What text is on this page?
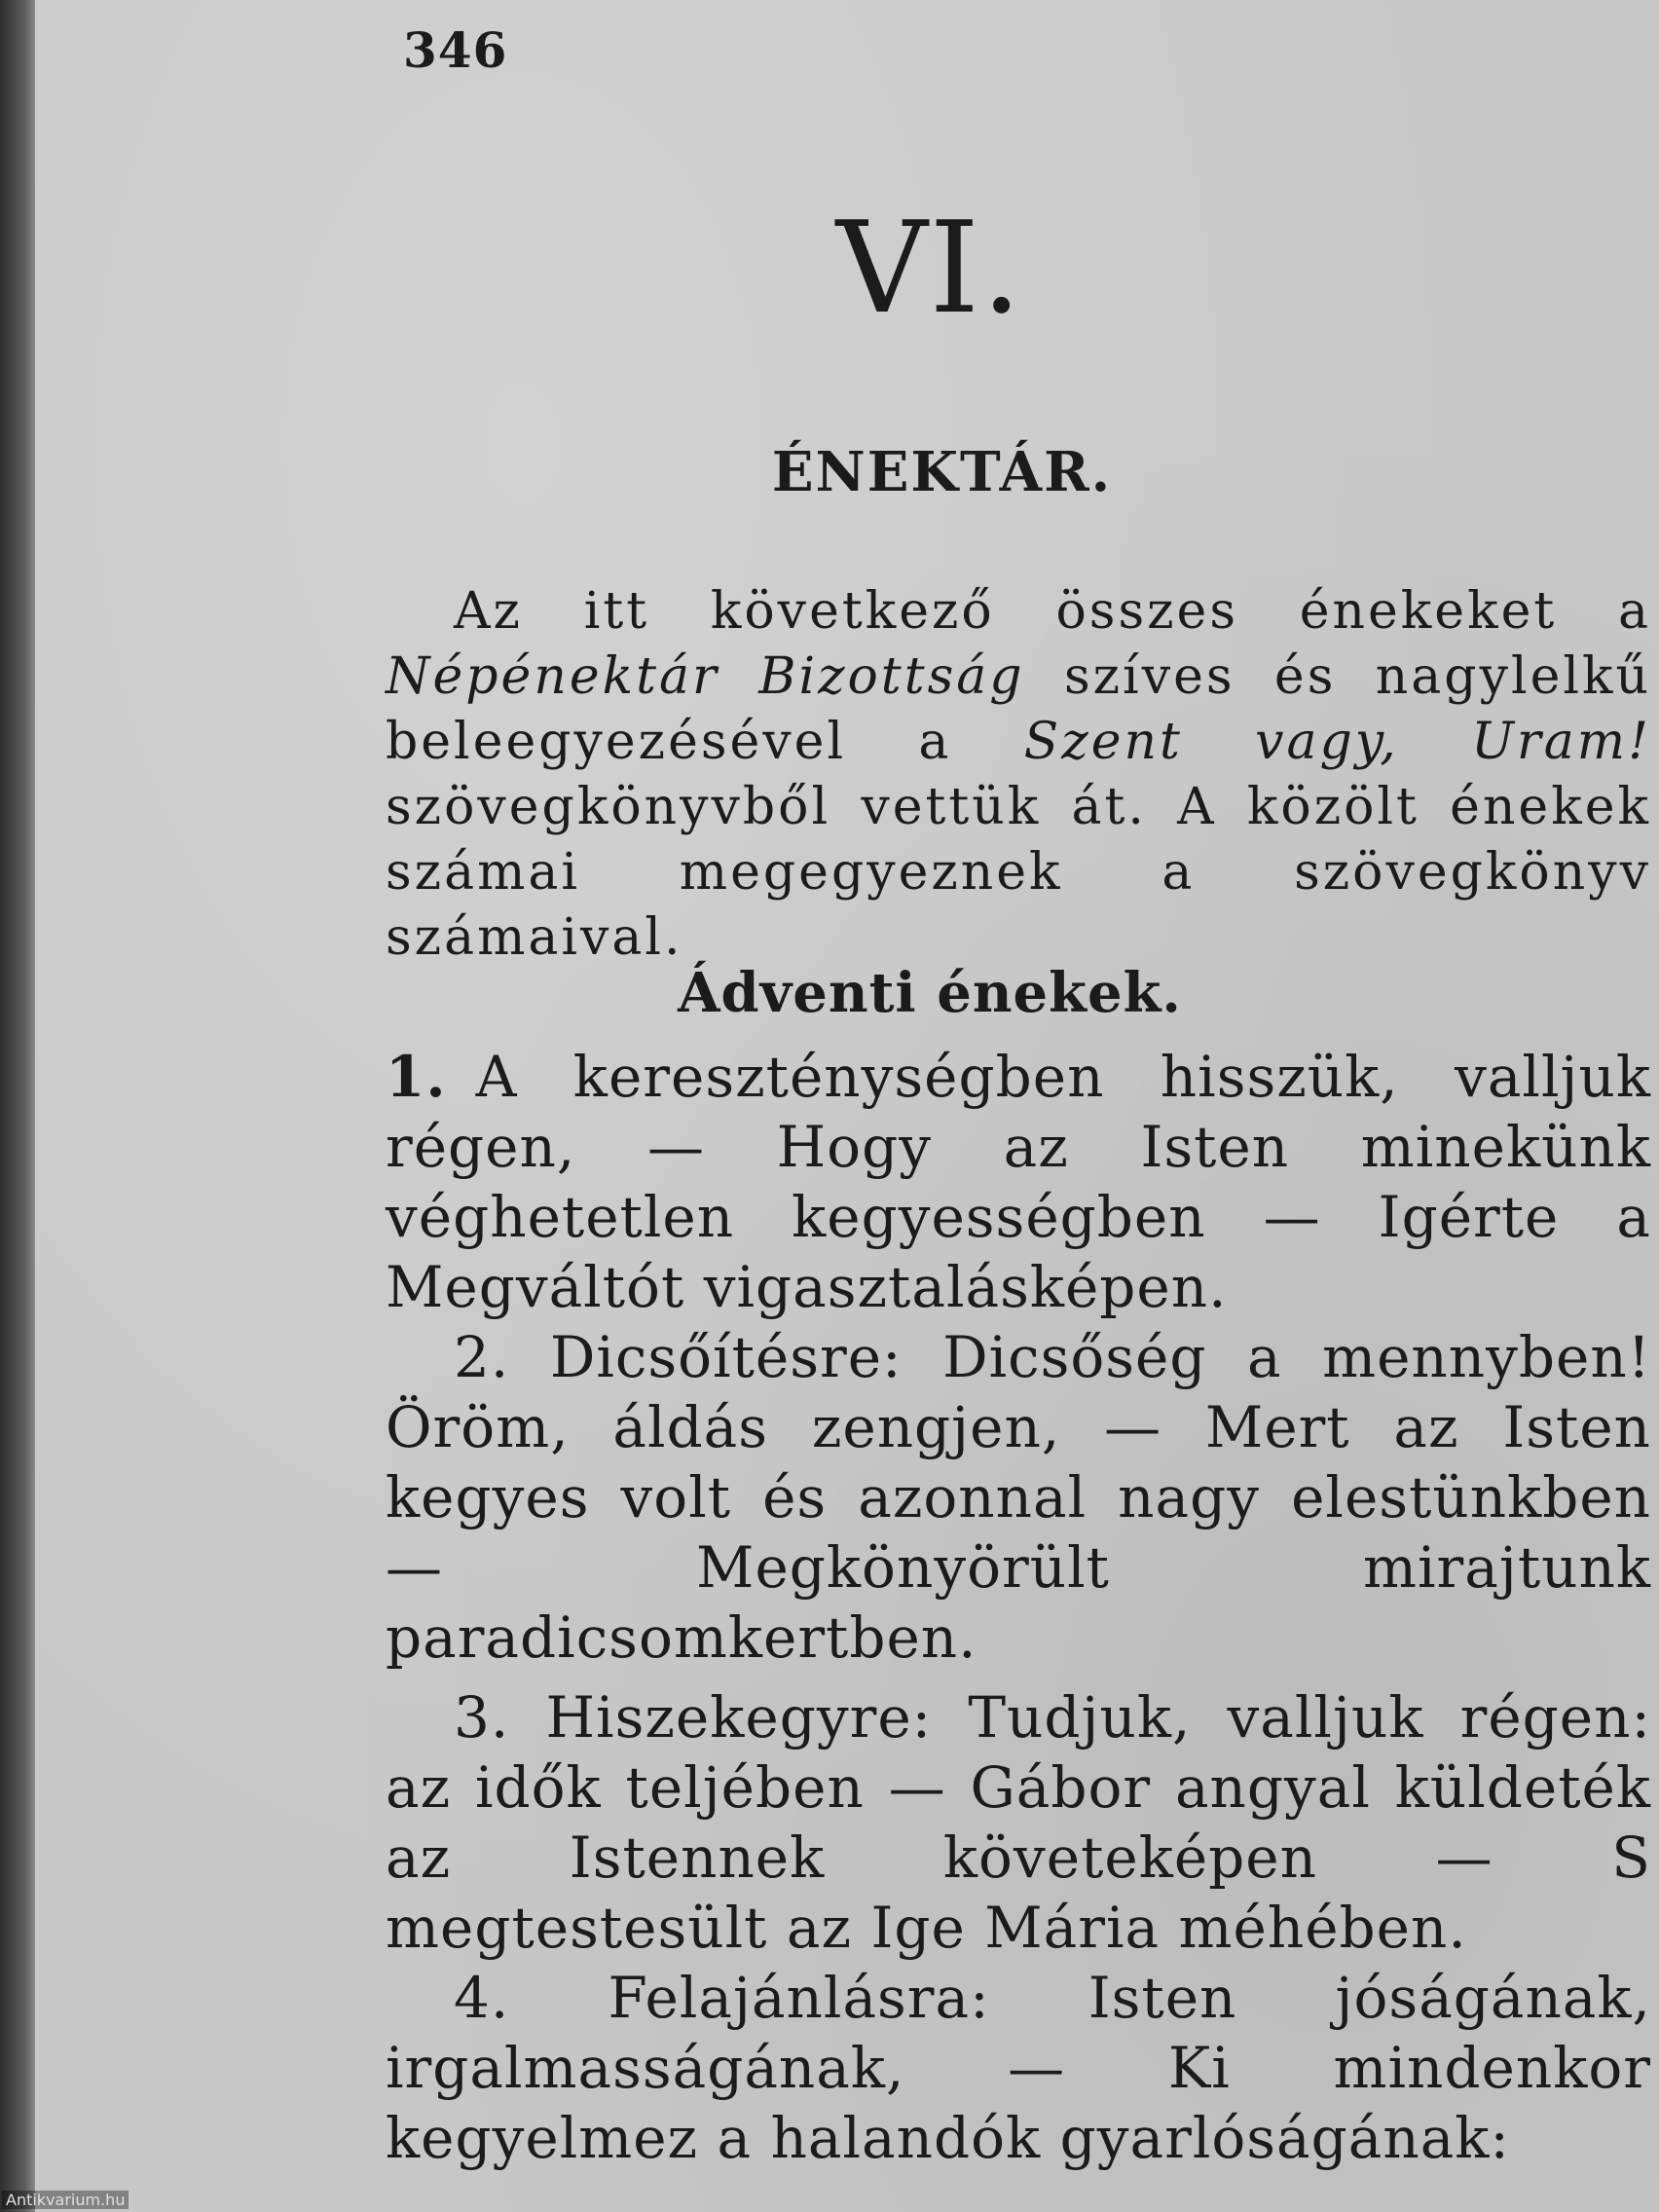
346
VI.
ÉNEKTÁR.

Az itt következő összes énekeket a Népénektár Bizottság szíves és nagylelkű beleegyezésével a Szent vagy, Uram! szövegkönyvből vettük át. A közölt énekek számai megegyeznek a szövegkönyv számaival.

Ádventi énekek.

1. A kereszténységben hisszük, valljuk régen, — Hogy az Isten minekünk véghetetlen kegyességben — Igérte a Megváltót vigasztalásképen.

2. Dicsőítésre: Dicsőség a mennyben! Öröm, áldás zengjen, — Mert az Isten kegyes volt és azonnal nagy elestünkben — Megkönyörült mirajtunk paradicsomkertben.

3. Hiszekegyre: Tudjuk, valljuk régen: az idők teljében — Gábor angyal küldeték az Istennek követeképen — S megtestesült az Ige Mária méhében.

4. Felajánlásra: Isten jóságának, irgalmasságának, — Ki mindenkor kegyelmez a halandók gyarlóságának:

Antikvarium.hu
